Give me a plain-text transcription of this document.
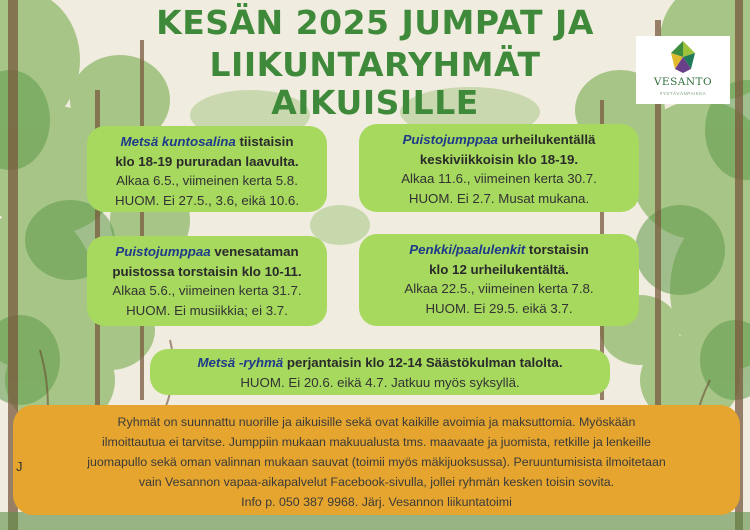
KESÄN 2025 JUMPAT JA
LIIKUNTARYHMÄT AIKUISILLE
VESANTO
#YSTÄVÄNPAIKKA
Metsä kuntosalina tiistaisin
klo 18-19 pururadan laavulta.
Alkaa 6.5., viimeinen kerta 5.8.
HUOM. Ei 27.5., 3.6, eikä 10.6.
Puistojumppaa urheilukentällä
keskiviikkoisin klo 18-19.
Alkaa 11.6., viimeinen kerta 30.7.
HUOM. Ei 2.7. Musat mukana.
Puistojumppaa venesataman
puistossa torstaisin klo 10-11.
Alkaa 5.6., viimeinen kerta 31.7.
HUOM. Ei musiikkia; ei 3.7.
Penkki/paalulenkit torstaisin
klo 12 urheilukentältä.
Alkaa 22.5., viimeinen kerta 7.8.
HUOM. Ei 29.5. eikä 3.7.
Metsä -ryhmä perjantaisin klo 12-14 Säästökulman talolta.
HUOM. Ei 20.6. eikä 4.7. Jatkuu myös syksyllä.
Ryhmät on suunnattu nuorille ja aikuisille sekä ovat kaikille avoimia ja maksuttomia. Myöskään
ilmoittautua ei tarvitse. Jumppiin mukaan makuualusta tms. maavaate ja juomista, retkille ja lenkeille
juomapullo sekä oman valinnan mukaan sauvat (toimii myös mäkijuoksussa). Peruuntumisista ilmoitetaan
vain Vesannon vapaa-aikapalvelut Facebook-sivulla, jollei ryhmän kesken toisin sovita.
Info p. 050 387 9968. Järj. Vesannon liikuntatoimi
J
